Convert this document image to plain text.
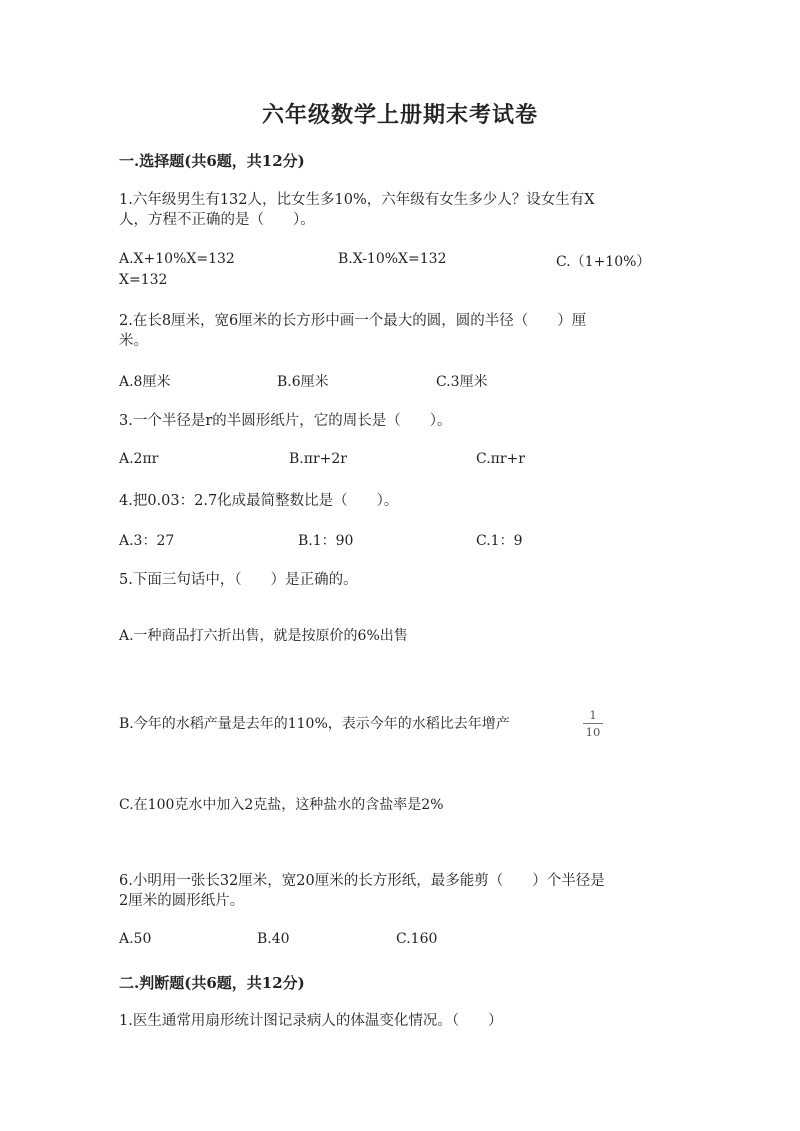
六年级数学上册期末考试卷
一.选择题(共6题，共12分)
1.六年级男生有132人，比女生多10%，六年级有女生多少人？设女生有X
人，方程不正确的是（　　）。
A.X+10%X=132	B.X-10%X=132	C.（1+10%）
X=132
2.在长8厘米，宽6厘米的长方形中画一个最大的圆，圆的半径（　　）厘
米。
A.8厘米	B.6厘米	C.3厘米
3.一个半径是r的半圆形纸片，它的周长是（　　）。
A.2πr	B.πr+2r	C.πr+r
4.把0.03：2.7化成最简整数比是（　　）。
A.3：27	B.1：90	C.1：9
5.下面三句话中，（　　）是正确的。
A.一种商品打六折出售，就是按原价的6%出售
B.今年的水稻产量是去年的110%，表示今年的水稻比去年增产
1
10
C.在100克水中加入2克盐，这种盐水的含盐率是2%
6.小明用一张长32厘米，宽20厘米的长方形纸，最多能剪（　　）个半径是
2厘米的圆形纸片。
A.50	B.40	C.160
二.判断题(共6题，共12分)
1.医生通常用扇形统计图记录病人的体温变化情况。（　　）
